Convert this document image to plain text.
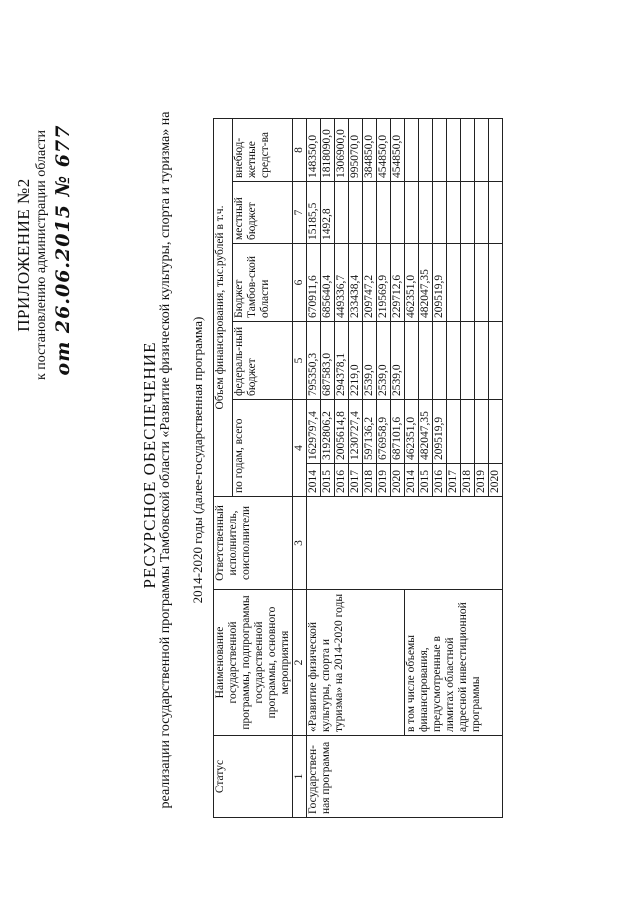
ПРИЛОЖЕНИЕ №2 к постановлению администрации области от 26.06.2015 № 677
РЕСУРСНОЕ ОБЕСПЕЧЕНИЕ реализации государственной программы Тамбовской области «Развитие физической культуры, спорта и туризма» на 2014-2020 годы (далее-государственная программа)
Статус	Наименование государственной программы, подпрограммы государственной программы, основного мероприятия	Ответственный исполнитель, соисполнители	Объем финансирования, тыс.рублей в т.ч.					
			по годам, всего		федераль-ный бюджет	Бюджет Тамбов-ской области	местный бюджет	внебюд-жетные средст-ва
1	2	3	4		5	6	7	8
Государствен-ная программа	«Развитие физической культуры, спорта и туризма» на 2014-2020 годы		2014	1629797,4	795350,3	670911,6	15185,5	148350,0
			2015	3192806,2	687583,0	685640,4	1492,8	1818090,0
			2016	2005614,8	294378,1	449336,7		1306900,0
			2017	1230727,4	2219,0	233438,4		995070,0
			2018	597136,2	2539,0	209747,2		384850,0
			2019	676958,9	2539,0	219569,9		454850,0
			2020	687101,6	2539,0	229712,6		454850,0
	в том числе объемы финансирования, предусмотренные в лимитах областной адресной инвестиционной программы		2014	462351,0		462351,0		
			2015	482047,35		482047,35		
			2016	209519,9		209519,9		
			2017					
			2018					
			2019					
			2020					
